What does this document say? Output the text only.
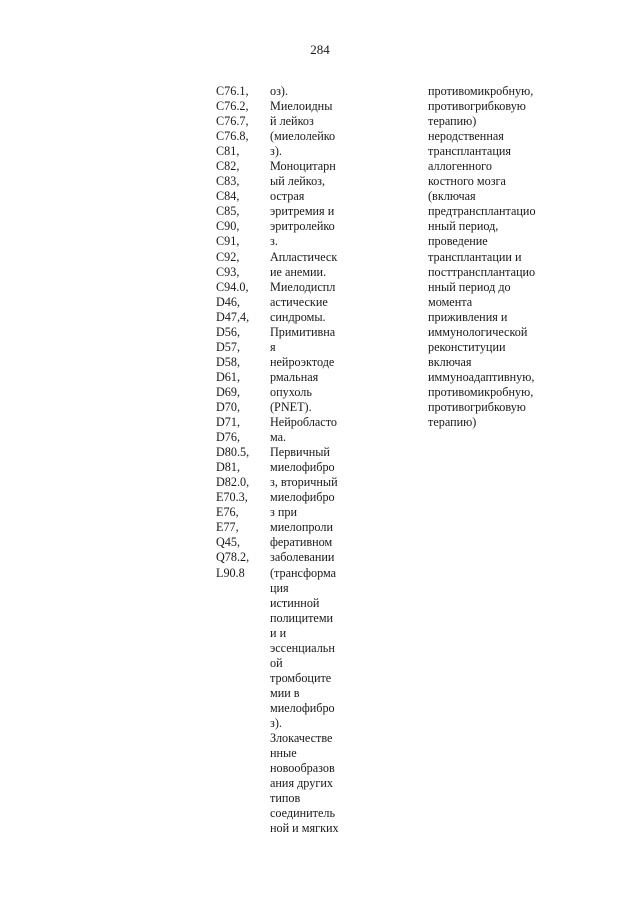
284
C76.1,
C76.2,
C76.7,
C76.8,
C81,
C82,
C83,
C84,
C85,
C90,
C91,
C92,
C93,
C94.0,
D46,
D47,4,
D56,
D57,
D58,
D61,
D69,
D70,
D71,
D76,
D80.5,
D81,
D82.0,
E70.3,
E76,
E77,
Q45,
Q78.2,
L90.8
оз).
Миелоидны
й лейкоз
(миелолейко
з).
Моноцитарн
ый лейкоз,
острая
эритремия и
эритролейко
з.
Апластическ
ие анемии.
Миелодиспл
астические
синдромы.
Примитивна
я
нейроэктоде
рмальная
опухоль
(PNET).
Нейробласто
ма.
Первичный
миелофибро
з, вторичный
миелофибро
з при
миелопроли
феративном
заболевании
(трансформа
ция
истинной
полицитеми
и и
эссенциальн
ой
тромбоците
мии в
миелофибро
з).
Злокачестве
нные
новообразов
ания других
типов
соединитель
ной и мягких
противомикробную,
противогрибковую
терапию)
неродственная
трансплантация
аллогенного
костного мозга
(включая
предтрансплантацио
нный период,
проведение
трансплантации и
посттрансплантацио
нный период до
момента
приживления и
иммунологической
реконституции
включая
иммуноадаптивную,
противомикробную,
противогрибковую
терапию)
